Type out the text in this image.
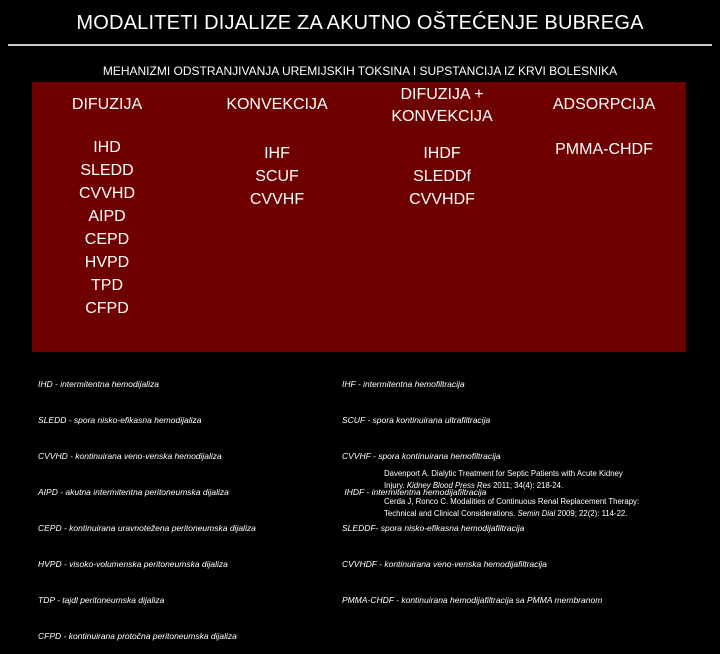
MODALITETI DIJALIZE ZA AKUTNO OŠTEĆENJE BUBREGA
MEHANIZMI ODSTRANJIVANJA UREMIJSKIH TOKSINA I SUPSTANCIJA IZ KRVI BOLESNIKA
DIFUZIJA
IHD
SLEDD
CVVHD
AIPD
CEPD
HVPD
TPD
CFPD
KONVEKCIJA
IHF
SCUF
CVVHF
DIFUZIJA +
KONVEKCIJA
IHDF
SLEDDf
CVVHDF
ADSORPCIJA
PMMA-CHDF

IHD - intermitentna hemodijaliza

SLEDD - spora nisko-efikasna hemodijaliza

CVVHD - kontinuirana veno-venska hemodijaliza

AIPD - akutna intermitentna peritoneumska dijaliza

CEPD - kontinuirana uravnotežena peritoneumska dijaliza

HVPD - visoko-volumenska peritoneumska dijaliza

TDP - tajdl peritoneumska dijaliza

CFPD - kontinuirana protočna peritoneumska dijaliza

IHF - intermitentna hemofiltracija

SCUF - spora kontinuirana ultrafiltracija

CVVHF - spora kontinuirana hemofiltracija

IHDF - intermitentna hemodijafiltracija

SLEDDF- spora nisko-efikasna hemodijafiltracija

CVVHDF - kontinuirana veno-venska hemodijafiltracija

PMMA-CHDF - kontinuirana hemodijafiltracija sa PMMA membranom

Davenport A. Dialytic Treatment for Septic Patients with Acute Kidney
Injury. Kidney Blood Press Res 2011; 34(4): 218-24.
Cerda J, Ronco C. Modalities of Continuous Renal Replacement Therapy:
Technical and Clinical Considerations. Semin Dial 2009; 22(2): 114-22.
